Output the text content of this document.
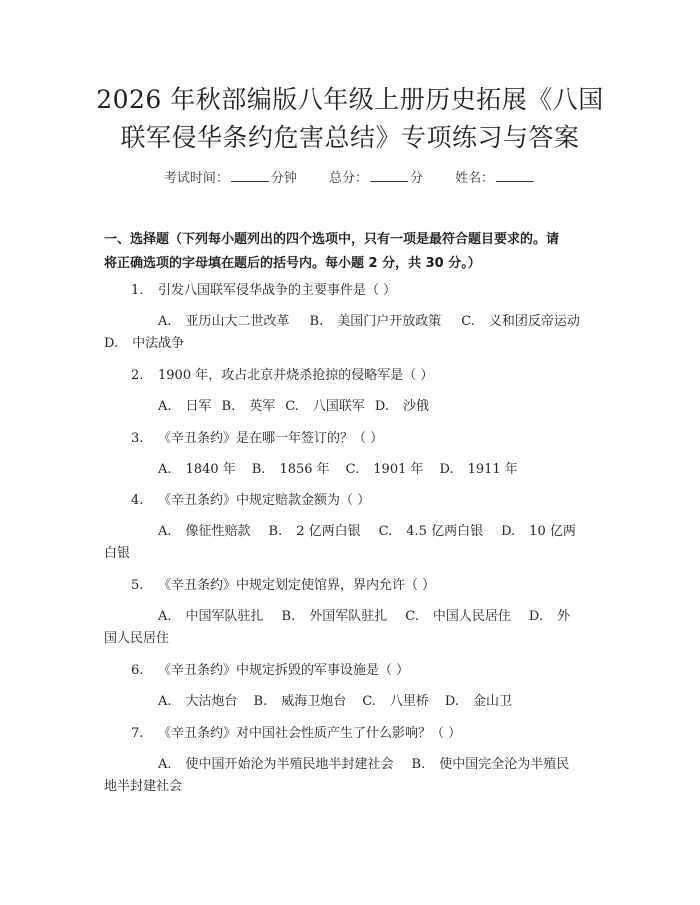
2026 年秋部编版八年级上册历史拓展《八国
联军侵华条约危害总结》专项练习与答案
考试时间：	分钟 总分：	分 姓名：
一、选择题（下列每小题列出的四个选项中，只有一项是最符合题目要求的。请
将正确选项的字母填在题后的括号内。每小题 2 分，共 30 分。）
1. 引发八国联军侵华战争的主要事件是（ ）
A. 亚历山大二世改革 B. 美国门户开放政策 C. 义和团反帝运动
D. 中法战争
2. 1900 年，攻占北京并烧杀抢掠的侵略军是（ ）
A. 日军 B. 英军 C. 八国联军 D. 沙俄
3. 《辛丑条约》是在哪一年签订的？（ ）
A. 1840 年 B. 1856 年 C. 1901 年 D. 1911 年
4. 《辛丑条约》中规定赔款金额为（ ）
A. 像征性赔款 B. 2 亿两白银 C. 4.5 亿两白银 D. 10 亿两
白银
5. 《辛丑条约》中规定划定使馆界，界内允许（ ）
A. 中国军队驻扎 B. 外国军队驻扎 C. 中国人民居住 D. 外
国人民居住
6. 《辛丑条约》中规定拆毁的军事设施是（ ）
A. 大沽炮台 B. 威海卫炮台 C. 八里桥 D. 金山卫
7. 《辛丑条约》对中国社会性质产生了什么影响？（ ）
A. 使中国开始沦为半殖民地半封建社会 B. 使中国完全沦为半殖民
地半封建社会
